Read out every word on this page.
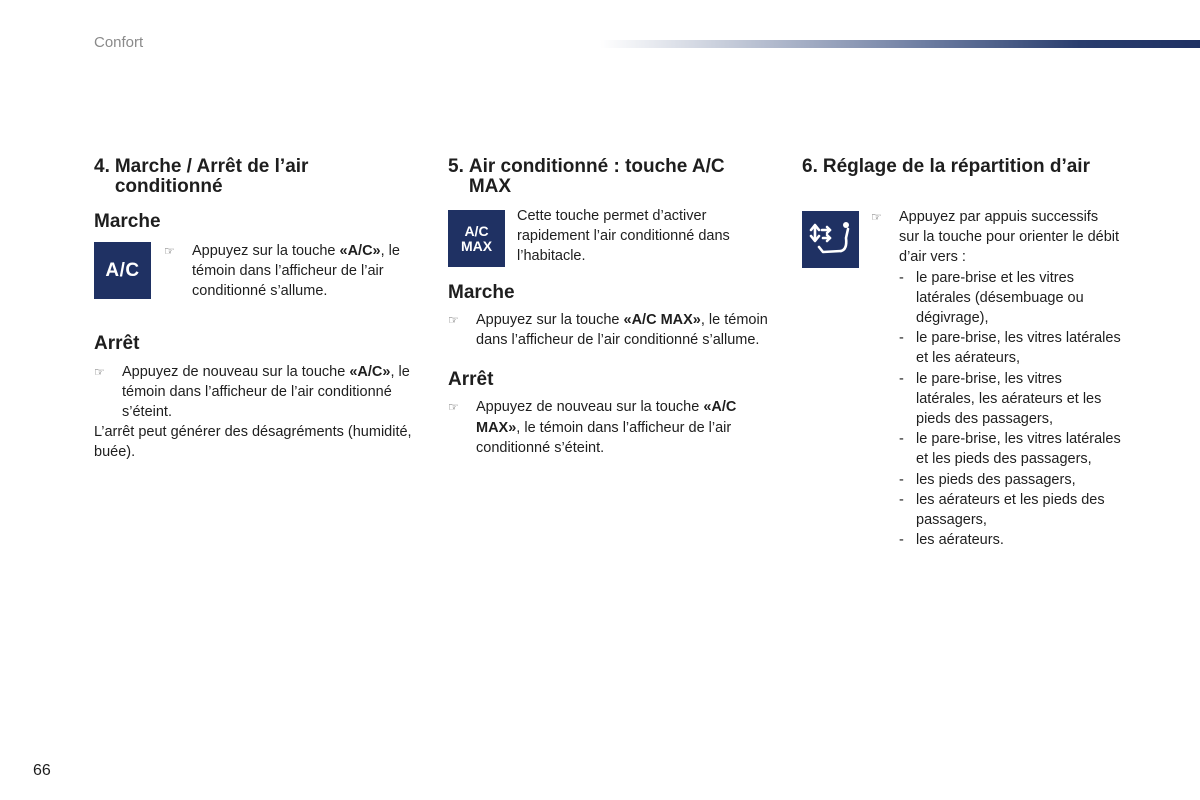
Confort
4. Marche / Arrêt de l’air conditionné
Marche
A/C
☞	Appuyez sur la touche «A/C», le témoin dans l’afficheur de l’air conditionné s’allume.
Arrêt
☞	Appuyez de nouveau sur la touche «A/C», le témoin dans l’afficheur de l’air conditionné s’éteint.

L’arrêt peut générer des désagréments (humidité, buée).

5. Air conditionné : touche A/C MAX
A/C
MAX

Cette touche permet d’activer rapidement l’air conditionné dans l’habitacle.

Marche
☞	Appuyez sur la touche «A/C MAX», le témoin dans l’afficheur de l’air conditionné s’allume.
Arrêt
☞	Appuyez de nouveau sur la touche «A/C MAX», le témoin dans l’afficheur de l’air conditionné s’éteint.
6. Réglage de la répartition d’air
☞	Appuyez par appuis successifs sur la touche pour orienter le débit d’air vers :
- le pare-brise et les vitres latérales (désembuage ou dégivrage),
- le pare-brise, les vitres latérales et les aérateurs,
- le pare-brise, les vitres latérales, les aérateurs et les pieds des passagers,
- le pare-brise, les vitres latérales et les pieds des passagers,
- les pieds des passagers,
- les aérateurs et les pieds des passagers,
- les aérateurs.
66
